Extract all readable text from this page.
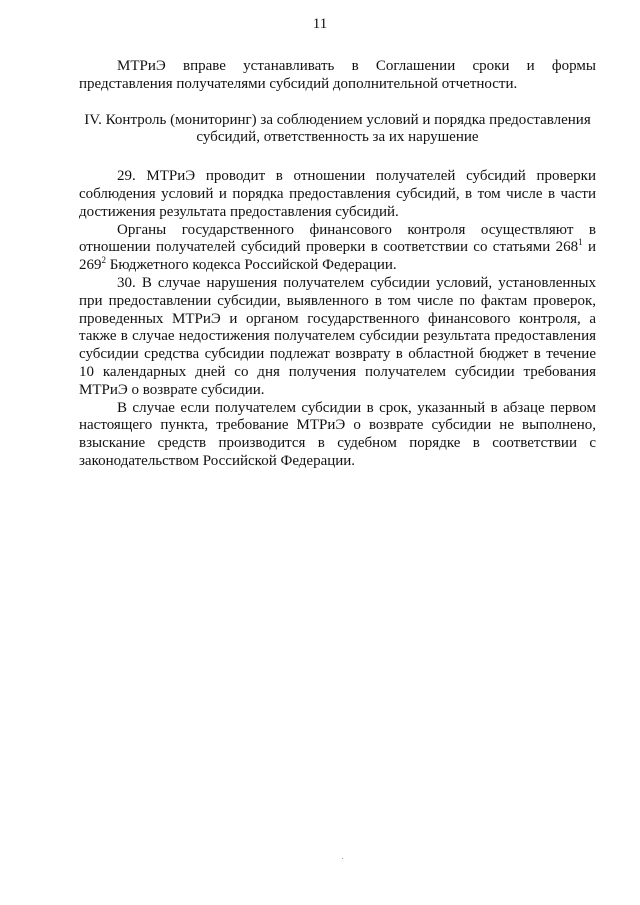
11

МТРиЭ вправе устанавливать в Соглашении сроки и формы представления получателями субсидий дополнительной отчетности.

IV. Контроль (мониторинг) за соблюдением условий и порядка предоставления субсидий, ответственность за их нарушение

29. МТРиЭ проводит в отношении получателей субсидий проверки соблюдения условий и порядка предоставления субсидий, в том числе в части достижения результата предоставления субсидий.

Органы государственного финансового контроля осуществляют в отношении получателей субсидий проверки в соответствии со статьями $268^1$ и $269^2$ Бюджетного кодекса Российской Федерации.

30. В случае нарушения получателем субсидии условий, установленных при предоставлении субсидии, выявленного в том числе по фактам проверок, проведенных МТРиЭ и органом государственного финансового контроля, а также в случае недостижения получателем субсидии результата предоставления субсидии средства субсидии подлежат возврату в областной бюджет в течение 10 календарных дней со дня получения получателем субсидии требования МТРиЭ о возврате субсидии.

В случае если получателем субсидии в срок, указанный в абзаце первом настоящего пункта, требование МТРиЭ о возврате субсидии не выполнено, взыскание средств производится в судебном порядке в соответствии с законодательством Российской Федерации.
